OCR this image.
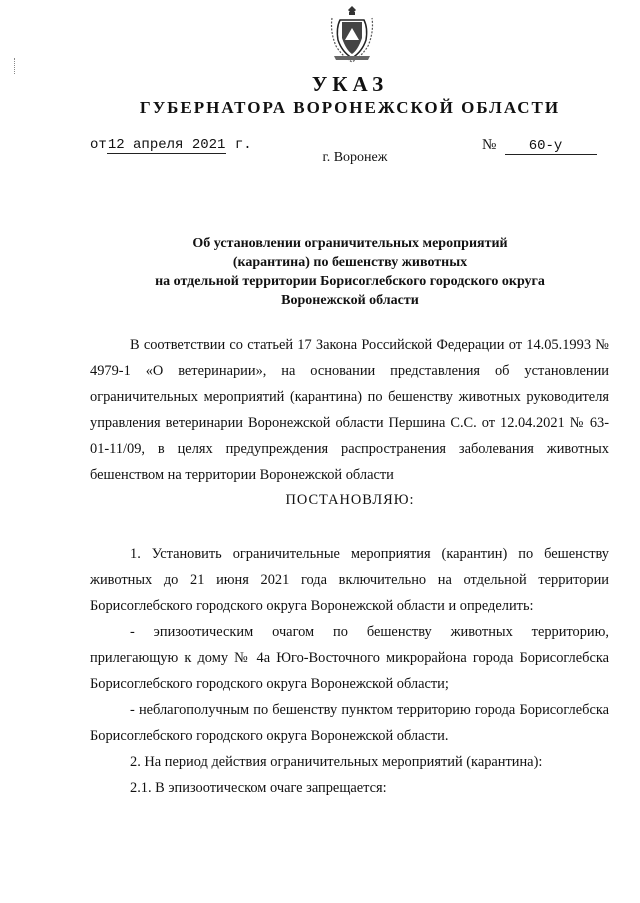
УКАЗ
ГУБЕРНАТОРА ВОРОНЕЖСКОЙ ОБЛАСТИ
от12 апреля 2021 г.	№ 60-у
г. Воронеж
Об установлении ограничительных мероприятий
(карантина) по бешенству животных
на отдельной территории Борисоглебского городского округа
Воронежской области

В соответствии со статьей 17 Закона Российской Федерации от 14.05.1993 № 4979-1 «О ветеринарии», на основании представления об установлении ограничительных мероприятий (карантина) по бешенству животных руководителя управления ветеринарии Воронежской области Першина С.С. от 12.04.2021 № 63-01-11/09, в целях предупреждения распространения заболевания животных бешенством на территории Воронежской области

ПОСТАНОВЛЯЮ:

1. Установить ограничительные мероприятия (карантин) по бешенству животных до 21 июня 2021 года включительно на отдельной территории Борисоглебского городского округа Воронежской области и определить:

- эпизоотическим очагом по бешенству животных территорию, прилегающую к дому № 4а Юго-Восточного микрорайона города Борисоглебска Борисоглебского городского округа Воронежской области;

- неблагополучным по бешенству пунктом территорию города Борисоглебска Борисоглебского городского округа Воронежской области.

2. На период действия ограничительных мероприятий (карантина):

2.1. В эпизоотическом очаге запрещается:
